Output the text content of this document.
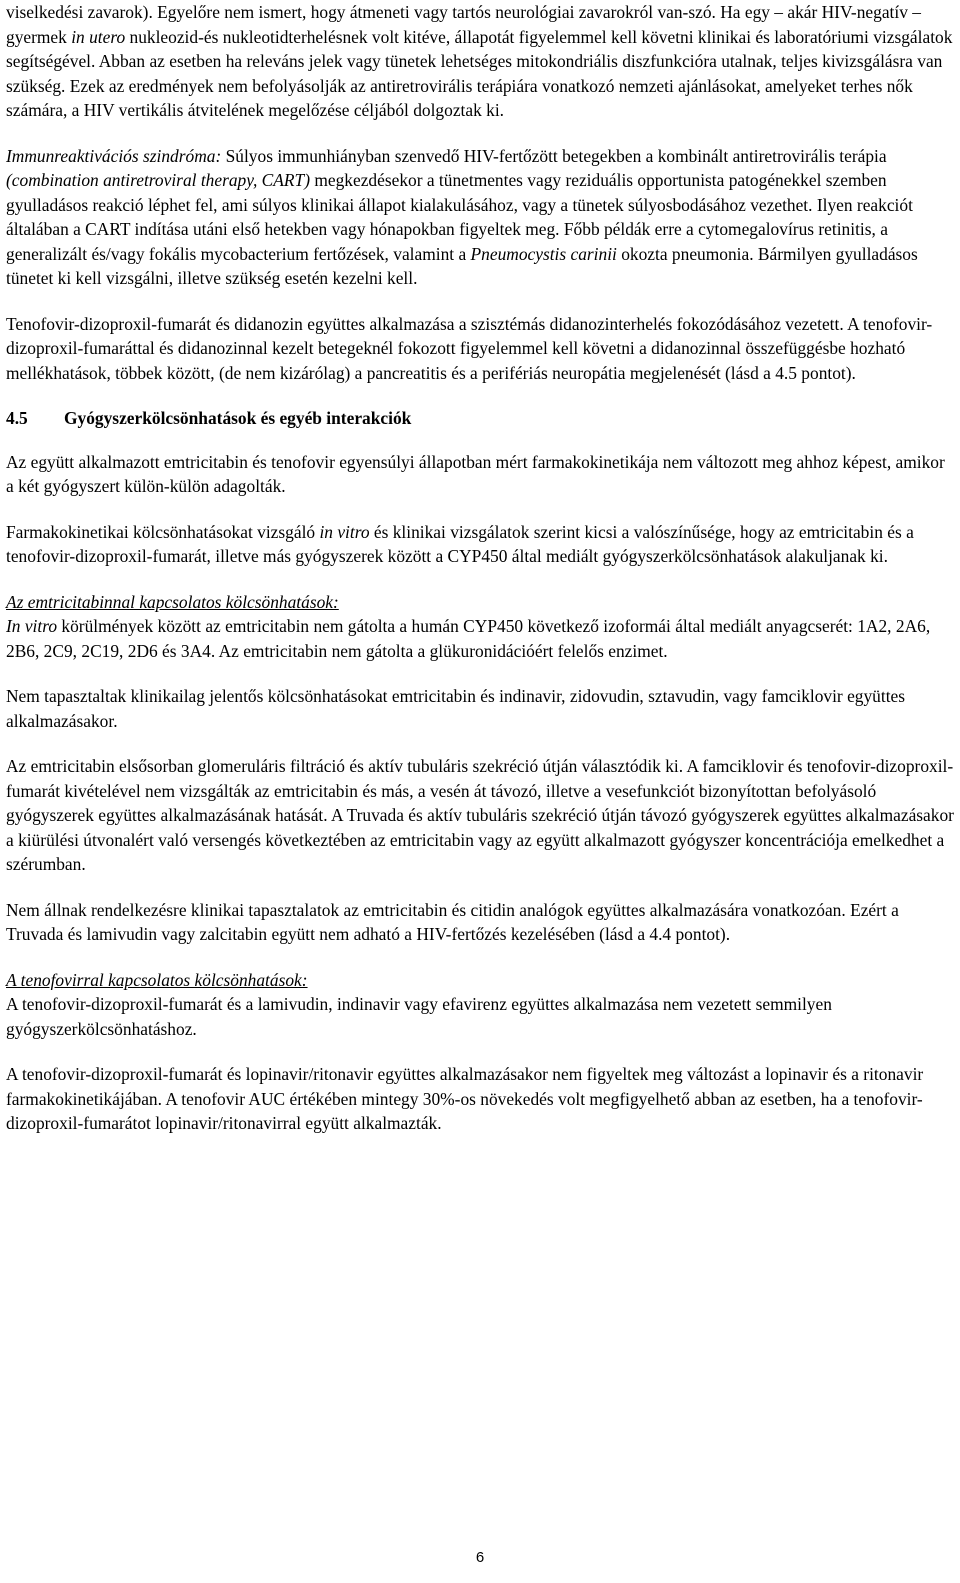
viselkedési zavarok). Egyelőre nem ismert, hogy átmeneti vagy tartós neurológiai zavarokról van-szó. Ha egy – akár HIV-negatív – gyermek in utero nukleozid-és nukleotidterhelésnek volt kitéve, állapotát figyelemmel kell követni klinikai és laboratóriumi vizsgálatok segítségével. Abban az esetben ha releváns jelek vagy tünetek lehetséges mitokondriális diszfunkcióra utalnak, teljes kivizsgálásra van szükség. Ezek az eredmények nem befolyásolják az antiretrovirális terápiára vonatkozó nemzeti ajánlásokat, amelyeket terhes nők számára, a HIV vertikális átvitelének megelőzése céljából dolgoztak ki.

Immunreaktivációs szindróma: Súlyos immunhiányban szenvedő HIV-fertőzött betegekben a kombinált antiretrovirális terápia (combination antiretroviral therapy, CART) megkezdésekor a tünetmentes vagy reziduális opportunista patogénekkel szemben gyulladásos reakció léphet fel, ami súlyos klinikai állapot kialakulásához, vagy a tünetek súlyosbodásához vezethet. Ilyen reakciót általában a CART indítása utáni első hetekben vagy hónapokban figyeltek meg. Főbb példák erre a cytomegalovírus retinitis, a generalizált és/vagy fokális mycobacterium fertőzések, valamint a Pneumocystis carinii okozta pneumonia. Bármilyen gyulladásos tünetet ki kell vizsgálni, illetve szükség esetén kezelni kell.

Tenofovir-dizoproxil-fumarát és didanozin együttes alkalmazása a szisztémás didanozinterhelés fokozódásához vezetett. A tenofovir-dizoproxil-fumaráttal és didanozinnal kezelt betegeknél fokozott figyelemmel kell követni a didanozinnal összefüggésbe hozható mellékhatások, többek között, (de nem kizárólag) a pancreatitis és a perifériás neuropátia megjelenését (lásd a 4.5 pontot).

4.5	Gyógyszerkölcsönhatások és egyéb interakciók

Az együtt alkalmazott emtricitabin és tenofovir egyensúlyi állapotban mért farmakokinetikája nem változott meg ahhoz képest, amikor a két gyógyszert külön-külön adagolták.

Farmakokinetikai kölcsönhatásokat vizsgáló in vitro és klinikai vizsgálatok szerint kicsi a valószínűsége, hogy az emtricitabin és a tenofovir-dizoproxil-fumarát, illetve más gyógyszerek között a CYP450 által mediált gyógyszerkölcsönhatások alakuljanak ki.

Az emtricitabinnal kapcsolatos kölcsönhatások:
In vitro körülmények között az emtricitabin nem gátolta a humán CYP450 következő izoformái által mediált anyagcserét: 1A2, 2A6, 2B6, 2C9, 2C19, 2D6 és 3A4. Az emtricitabin nem gátolta a glükuronidációért felelős enzimet.

Nem tapasztaltak klinikailag jelentős kölcsönhatásokat emtricitabin és indinavir, zidovudin, sztavudin, vagy famciklovir együttes alkalmazásakor.

Az emtricitabin elsősorban glomeruláris filtráció és aktív tubuláris szekréció útján választódik ki. A famciklovir és tenofovir-dizoproxil-fumarát kivételével nem vizsgálták az emtricitabin és más, a vesén át távozó, illetve a vesefunkciót bizonyítottan befolyásoló gyógyszerek együttes alkalmazásának hatását. A Truvada és aktív tubuláris szekréció útján távozó gyógyszerek együttes alkalmazásakor a kiürülési útvonalért való versengés következtében az emtricitabin vagy az együtt alkalmazott gyógyszer koncentrációja emelkedhet a szérumban.

Nem állnak rendelkezésre klinikai tapasztalatok az emtricitabin és citidin analógok együttes alkalmazására vonatkozóan. Ezért a Truvada és lamivudin vagy zalcitabin együtt nem adható a HIV-fertőzés kezelésében (lásd a 4.4 pontot).

A tenofovirral kapcsolatos kölcsönhatások:
A tenofovir-dizoproxil-fumarát és a lamivudin, indinavir vagy efavirenz együttes alkalmazása nem vezetett semmilyen gyógyszerkölcsönhatáshoz.

A tenofovir-dizoproxil-fumarát és lopinavir/ritonavir együttes alkalmazásakor nem figyeltek meg változást a lopinavir és a ritonavir farmakokinetikájában. A tenofovir AUC értékében mintegy 30%-os növekedés volt megfigyelhető abban az esetben, ha a tenofovir-dizoproxil-fumarátot lopinavir/ritonavirral együtt alkalmazták.

6
